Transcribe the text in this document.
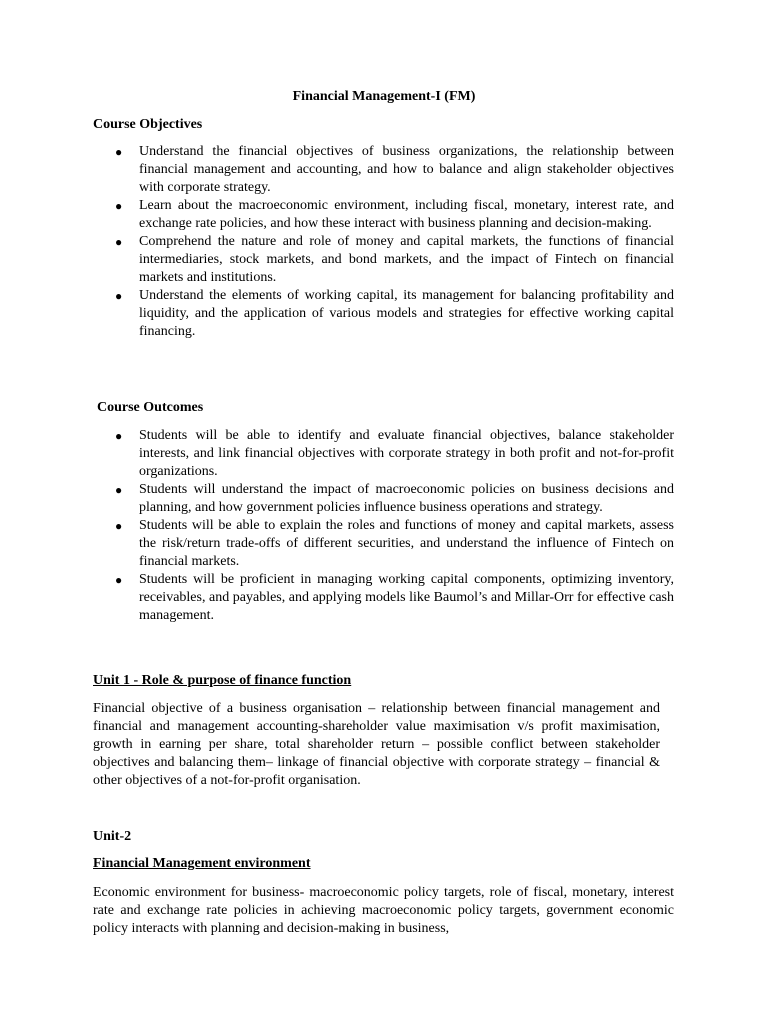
Financial Management-I (FM)
Course Objectives
● Understand the financial objectives of business organizations, the relationship between financial management and accounting, and how to balance and align stakeholder objectives with corporate strategy.
● Learn about the macroeconomic environment, including fiscal, monetary, interest rate, and exchange rate policies, and how these interact with business planning and decision-making.
● Comprehend the nature and role of money and capital markets, the functions of financial intermediaries, stock markets, and bond markets, and the impact of Fintech on financial markets and institutions.
● Understand the elements of working capital, its management for balancing profitability and liquidity, and the application of various models and strategies for effective working capital financing.
Course Outcomes
● Students will be able to identify and evaluate financial objectives, balance stakeholder interests, and link financial objectives with corporate strategy in both profit and not-for-profit organizations.
● Students will understand the impact of macroeconomic policies on business decisions and planning, and how government policies influence business operations and strategy.
● Students will be able to explain the roles and functions of money and capital markets, assess the risk/return trade-offs of different securities, and understand the influence of Fintech on financial markets.
● Students will be proficient in managing working capital components, optimizing inventory, receivables, and payables, and applying models like Baumol’s and Millar-Orr for effective cash management.
Unit 1 - Role & purpose of finance function

Financial objective of a business organisation – relationship between financial management and financial and management accounting-shareholder value maximisation v/s profit maximisation, growth in earning per share, total shareholder return – possible conflict between stakeholder objectives and balancing them– linkage of financial objective with corporate strategy – financial & other objectives of a not-for-profit organisation.

Unit-2
Financial Management environment

Economic environment for business- macroeconomic policy targets, role of fiscal, monetary, interest rate and exchange rate policies in achieving macroeconomic policy targets, government economic policy interacts with planning and decision-making in business,
